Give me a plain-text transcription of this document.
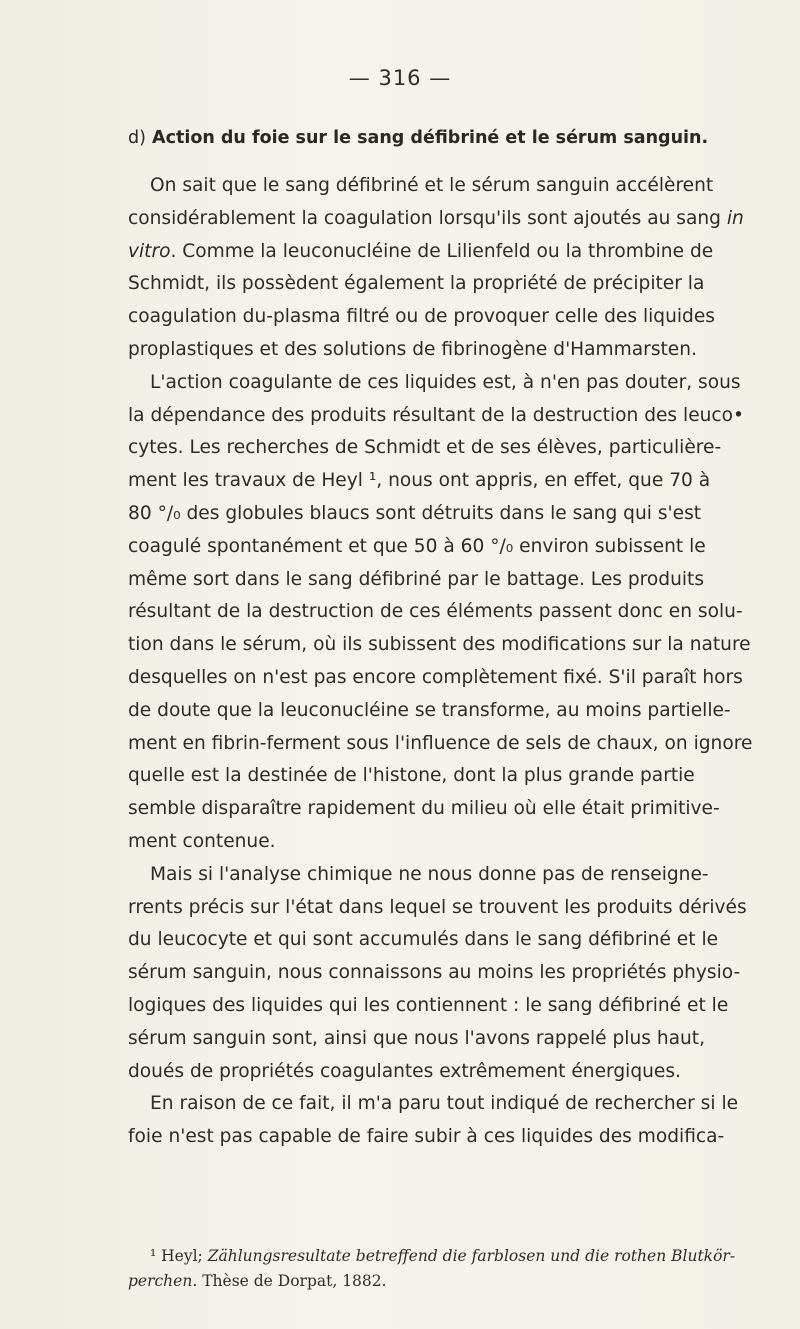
— 316 —
d) Action du foie sur le sang défibriné et le sérum sanguin.
On sait que le sang défibriné et le sérum sanguin accélèrent
considérablement la coagulation lorsqu'ils sont ajoutés au sang in
vitro. Comme la leuconucléine de Lilienfeld ou la thrombine de
Schmidt, ils possèdent également la propriété de précipiter la
coagulation du-plasma filtré ou de provoquer celle des liquides
proplastiques et des solutions de fibrinogène d'Hammarsten.
L'action coagulante de ces liquides est, à n'en pas douter, sous
la dépendance des produits résultant de la destruction des leuco•
cytes. Les recherches de Schmidt et de ses élèves, particulière-
ment les travaux de Heyl ¹, nous ont appris, en effet, que 70 à
80 °/₀ des globules blaucs sont détruits dans le sang qui s'est
coagulé spontanément et que 50 à 60 °/₀ environ subissent le
même sort dans le sang défibriné par le battage. Les produits
résultant de la destruction de ces éléments passent donc en solu-
tion dans le sérum, où ils subissent des modifications sur la nature
desquelles on n'est pas encore complètement fixé. S'il paraît hors
de doute que la leuconucléine se transforme, au moins partielle-
ment en fibrin-ferment sous l'influence de sels de chaux, on ignore
quelle est la destinée de l'histone, dont la plus grande partie
semble disparaître rapidement du milieu où elle était primitive-
ment contenue.
Mais si l'analyse chimique ne nous donne pas de renseigne-
rrents précis sur l'état dans lequel se trouvent les produits dérivés
du leucocyte et qui sont accumulés dans le sang défibriné et le
sérum sanguin, nous connaissons au moins les propriétés physio-
logiques des liquides qui les contiennent : le sang défibriné et le
sérum sanguin sont, ainsi que nous l'avons rappelé plus haut,
doués de propriétés coagulantes extrêmement énergiques.
En raison de ce fait, il m'a paru tout indiqué de rechercher si le
foie n'est pas capable de faire subir à ces liquides des modifica-
¹ Heyl; Zählungsresultate betreffend die farblosen und die rothen Blutkör-
perchen. Thèse de Dorpat, 1882.
